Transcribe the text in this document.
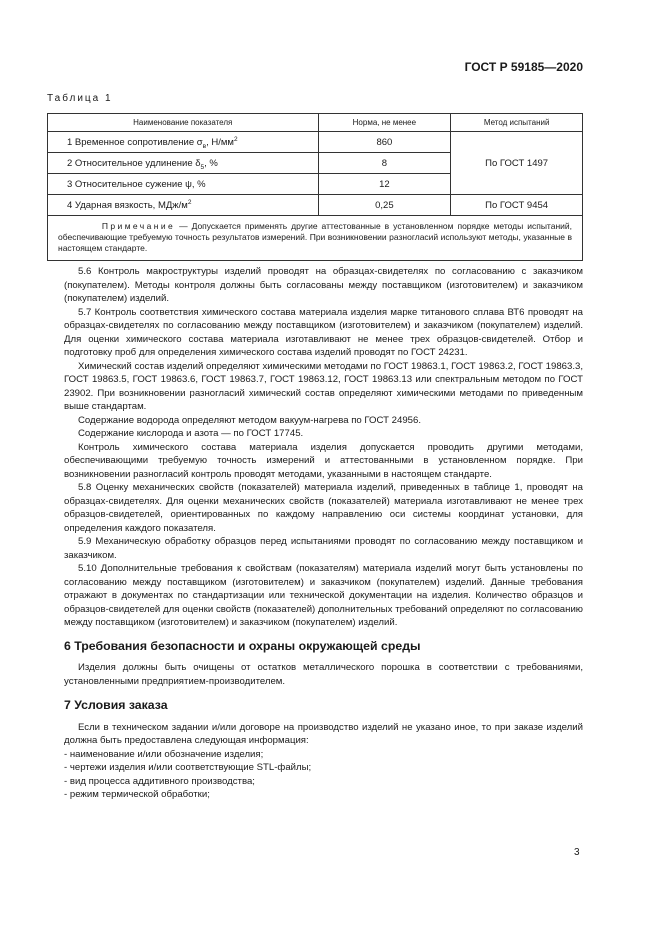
ГОСТ Р 59185—2020
Таблица 1
Наименование показателя	Норма, не менее	Метод испытаний
1 Временное сопротивление $\sigma_в$, $Н/мм^2$	860	По ГОСТ 1497
2 Относительное удлинение $\delta_5$, %	8	
3 Относительное сужение ψ, %	12	
4 Ударная вязкость, МДж/$м^2$	0,25	По ГОСТ 9454
Примечание — Допускается применять другие аттестованные в установленном порядке методы испытаний, обеспечивающие требуемую точность результатов измерений. При возникновении разногласий используют методы, указанные в настоящем стандарте.		

5.6 Контроль макроструктуры изделий проводят на образцах-свидетелях по согласованию с заказчиком (покупателем). Методы контроля должны быть согласованы между поставщиком (изготовителем) и заказчиком (покупателем) изделий.

5.7 Контроль соответствия химического состава материала изделия марке титанового сплава ВТ6 проводят на образцах-свидетелях по согласованию между поставщиком (изготовителем) и заказчиком (покупателем) изделий. Для оценки химического состава материала изготавливают не менее трех образцов-свидетелей. Отбор и подготовку проб для определения химического состава изделий проводят по ГОСТ 24231.

Химический состав изделий определяют химическими методами по ГОСТ 19863.1, ГОСТ 19863.2, ГОСТ 19863.3, ГОСТ 19863.5, ГОСТ 19863.6, ГОСТ 19863.7, ГОСТ 19863.12, ГОСТ 19863.13 или спектральным методом по ГОСТ 23902. При возникновении разногласий химический состав определяют химическими методами по приведенным выше стандартам.

Содержание водорода определяют методом вакуум-нагрева по ГОСТ 24956.

Содержание кислорода и азота — по ГОСТ 17745.

Контроль химического состава материала изделия допускается проводить другими методами, обеспечивающими требуемую точность измерений и аттестованными в установленном порядке. При возникновении разногласий контроль проводят методами, указанными в настоящем стандарте.

5.8 Оценку механических свойств (показателей) материала изделий, приведенных в таблице 1, проводят на образцах-свидетелях. Для оценки механических свойств (показателей) материала изготавливают не менее трех образцов-свидетелей, ориентированных по каждому направлению оси системы координат установки, для определения каждого показателя.

5.9 Механическую обработку образцов перед испытаниями проводят по согласованию между поставщиком и заказчиком.

5.10 Дополнительные требования к свойствам (показателям) материала изделий могут быть установлены по согласованию между поставщиком (изготовителем) и заказчиком (покупателем) изделий. Данные требования отражают в документах по стандартизации или технической документации на изделия. Количество образцов и образцов-свидетелей для оценки свойств (показателей) дополнительных требований определяют по согласованию между поставщиком (изготовителем) и заказчиком (покупателем) изделий.

6 Требования безопасности и охраны окружающей среды

Изделия должны быть очищены от остатков металлического порошка в соответствии с требованиями, установленными предприятием-производителем.

7 Условия заказа

Если в техническом задании и/или договоре на производство изделий не указано иное, то при заказе изделий должна быть предоставлена следующая информация:

- наименование и/или обозначение изделия;

- чертежи изделия и/или соответствующие STL-файлы;

- вид процесса аддитивного производства;

- режим термической обработки;

3
